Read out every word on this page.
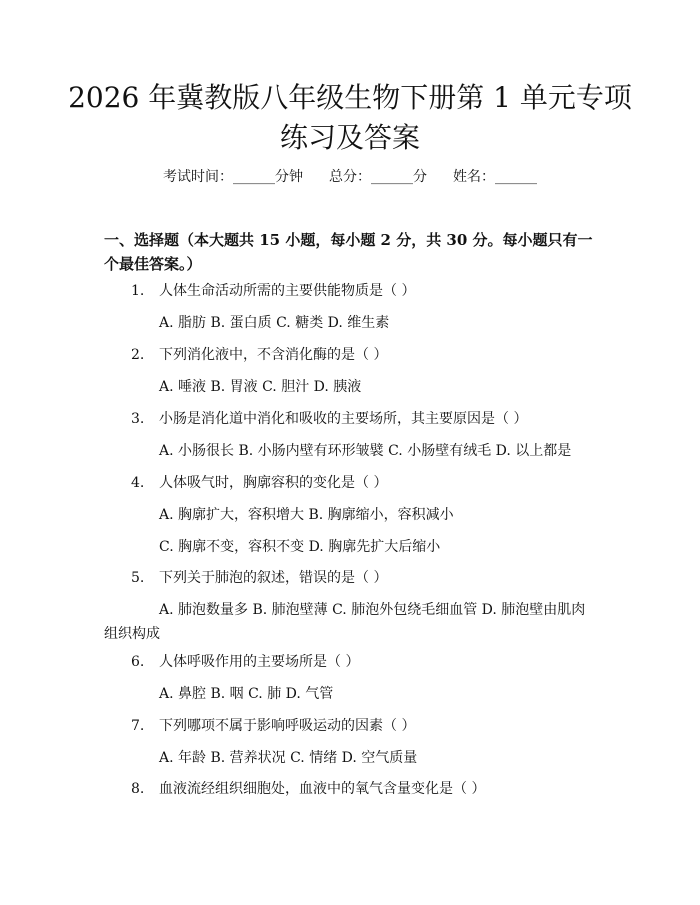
2026 年冀教版八年级生物下册第 1 单元专项
练习及答案
考试时间：______分钟 总分：______分 姓名：______

一、选择题（本大题共 15 小题，每小题 2 分，共 30 分。每小题只有一个最佳答案。）

1. 人体生命活动所需的主要供能物质是（ ）
A. 脂肪 B. 蛋白质 C. 糖类 D. 维生素
2. 下列消化液中，不含消化酶的是（ ）
A. 唾液 B. 胃液 C. 胆汁 D. 胰液
3. 小肠是消化道中消化和吸收的主要场所，其主要原因是（ ）
A. 小肠很长 B. 小肠内壁有环形皱襞 C. 小肠壁有绒毛 D. 以上都是
4. 人体吸气时，胸廓容积的变化是（ ）
A. 胸廓扩大，容积增大 B. 胸廓缩小，容积减小
C. 胸廓不变，容积不变 D. 胸廓先扩大后缩小
5. 下列关于肺泡的叙述，错误的是（ ）
A. 肺泡数量多 B. 肺泡壁薄 C. 肺泡外包绕毛细血管 D. 肺泡壁由肌肉组织构成
6. 人体呼吸作用的主要场所是（ ）
A. 鼻腔 B. 咽 C. 肺 D. 气管
7. 下列哪项不属于影响呼吸运动的因素（ ）
A. 年龄 B. 营养状况 C. 情绪 D. 空气质量
8. 血液流经组织细胞处，血液中的氧气含量变化是（ ）
